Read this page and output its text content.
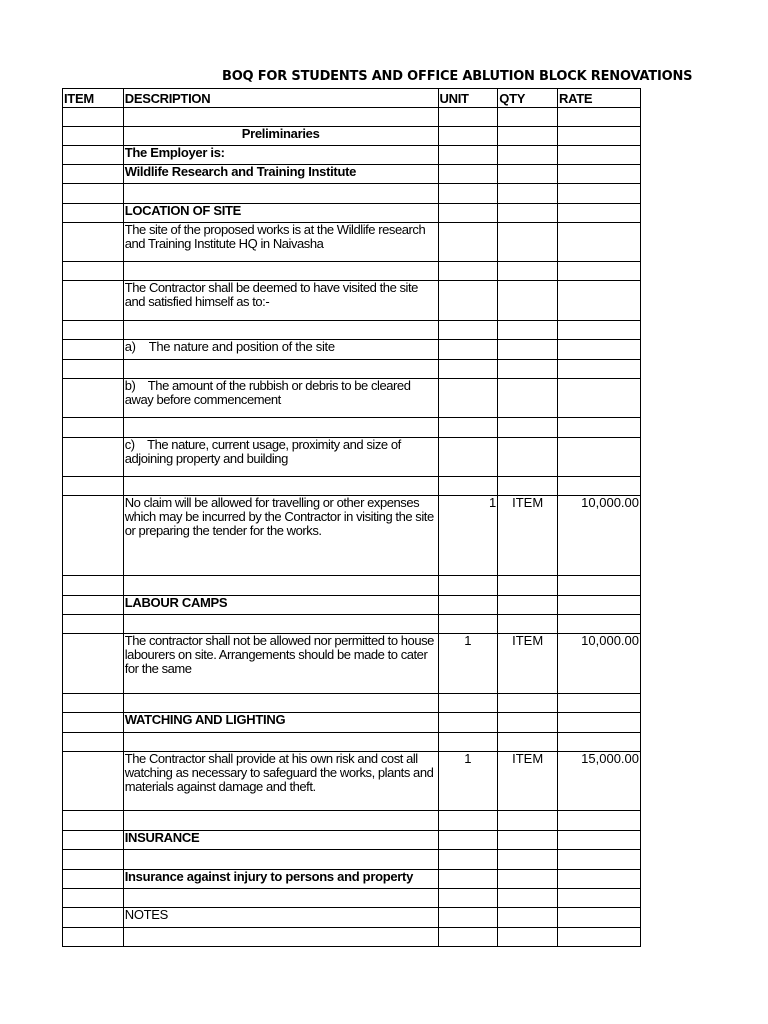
BOQ FOR STUDENTS AND OFFICE ABLUTION BLOCK RENOVATIONS
ITEM	DESCRIPTION	UNIT	QTY	RATE

	Preliminaries			
	The Employer is:			
	Wildlife Research and Training Institute			

	LOCATION OF SITE			
	The site of the proposed works is at the Wildlife research and Training Institute HQ in Naivasha			

	The Contractor shall be deemed to have visited the site and satisfied himself as to:-			

	a)    The nature and position of the site			

	b)    The amount of the rubbish or debris to be cleared away before commencement			

	c)    The nature, current usage, proximity and size of adjoining property and building			

	No claim will be allowed for travelling or other expenses which may be incurred by the Contractor in visiting the site or preparing the tender for the works.	1	ITEM	10,000.00

	LABOUR CAMPS			

	The contractor shall not be allowed nor permitted to house labourers on site. Arrangements should be made to cater for the same	1	ITEM	10,000.00

	WATCHING AND LIGHTING			

	The Contractor shall provide at his own risk and cost all watching as necessary to safeguard the works, plants and materials against damage and theft.	1	ITEM	15,000.00

	INSURANCE			

	Insurance against injury to persons and property			

	NOTES			
